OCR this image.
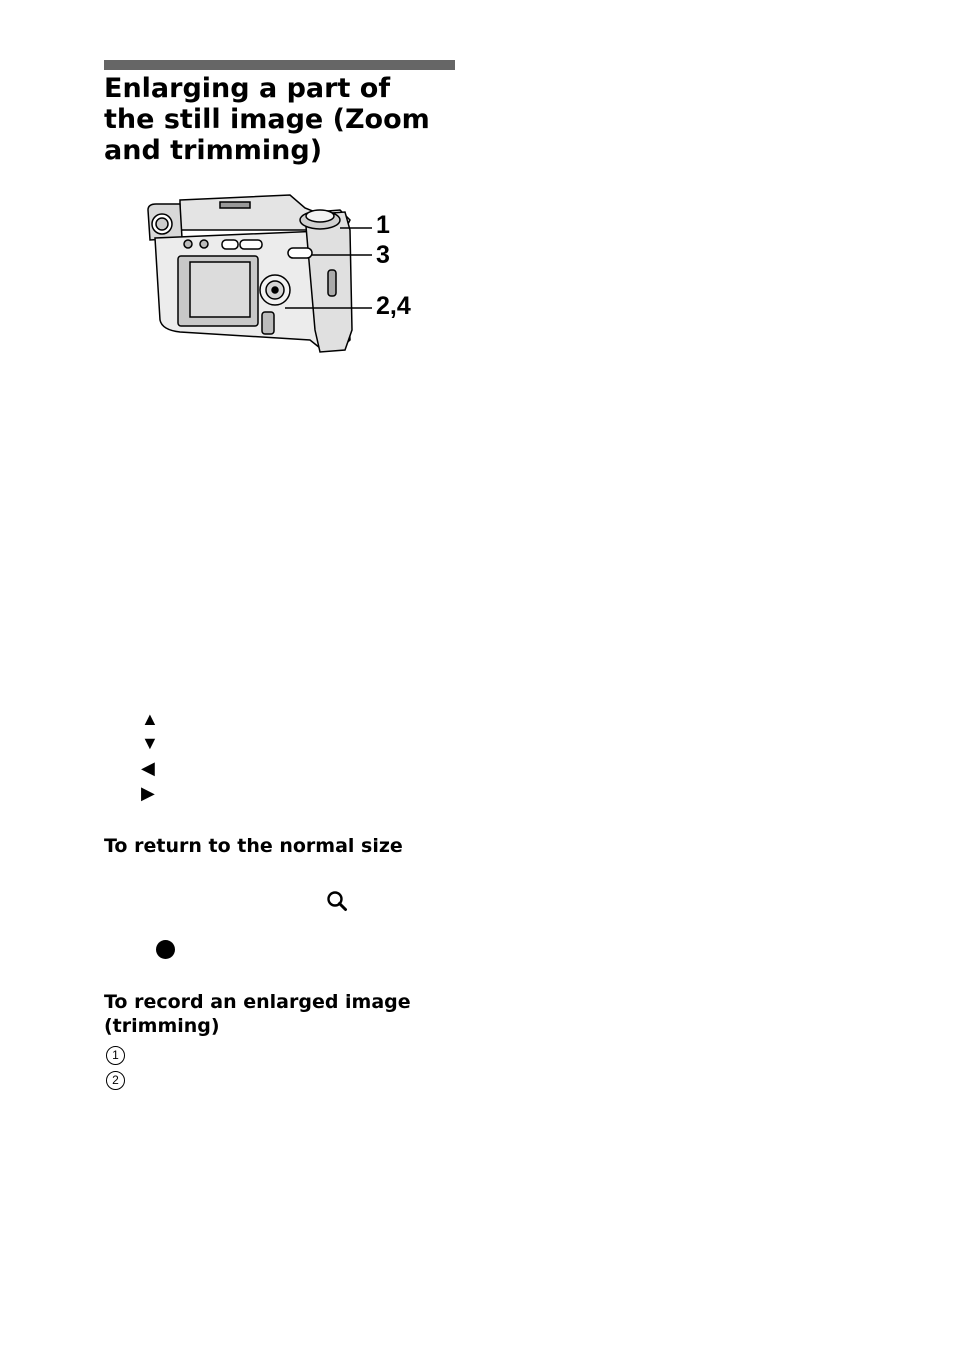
Enlarging a part of
the still image (Zoom
and trimming)
1
3
2,4
▲
▼
◀
▶
To return to the normal size
To record an enlarged image
(trimming)
1
2
